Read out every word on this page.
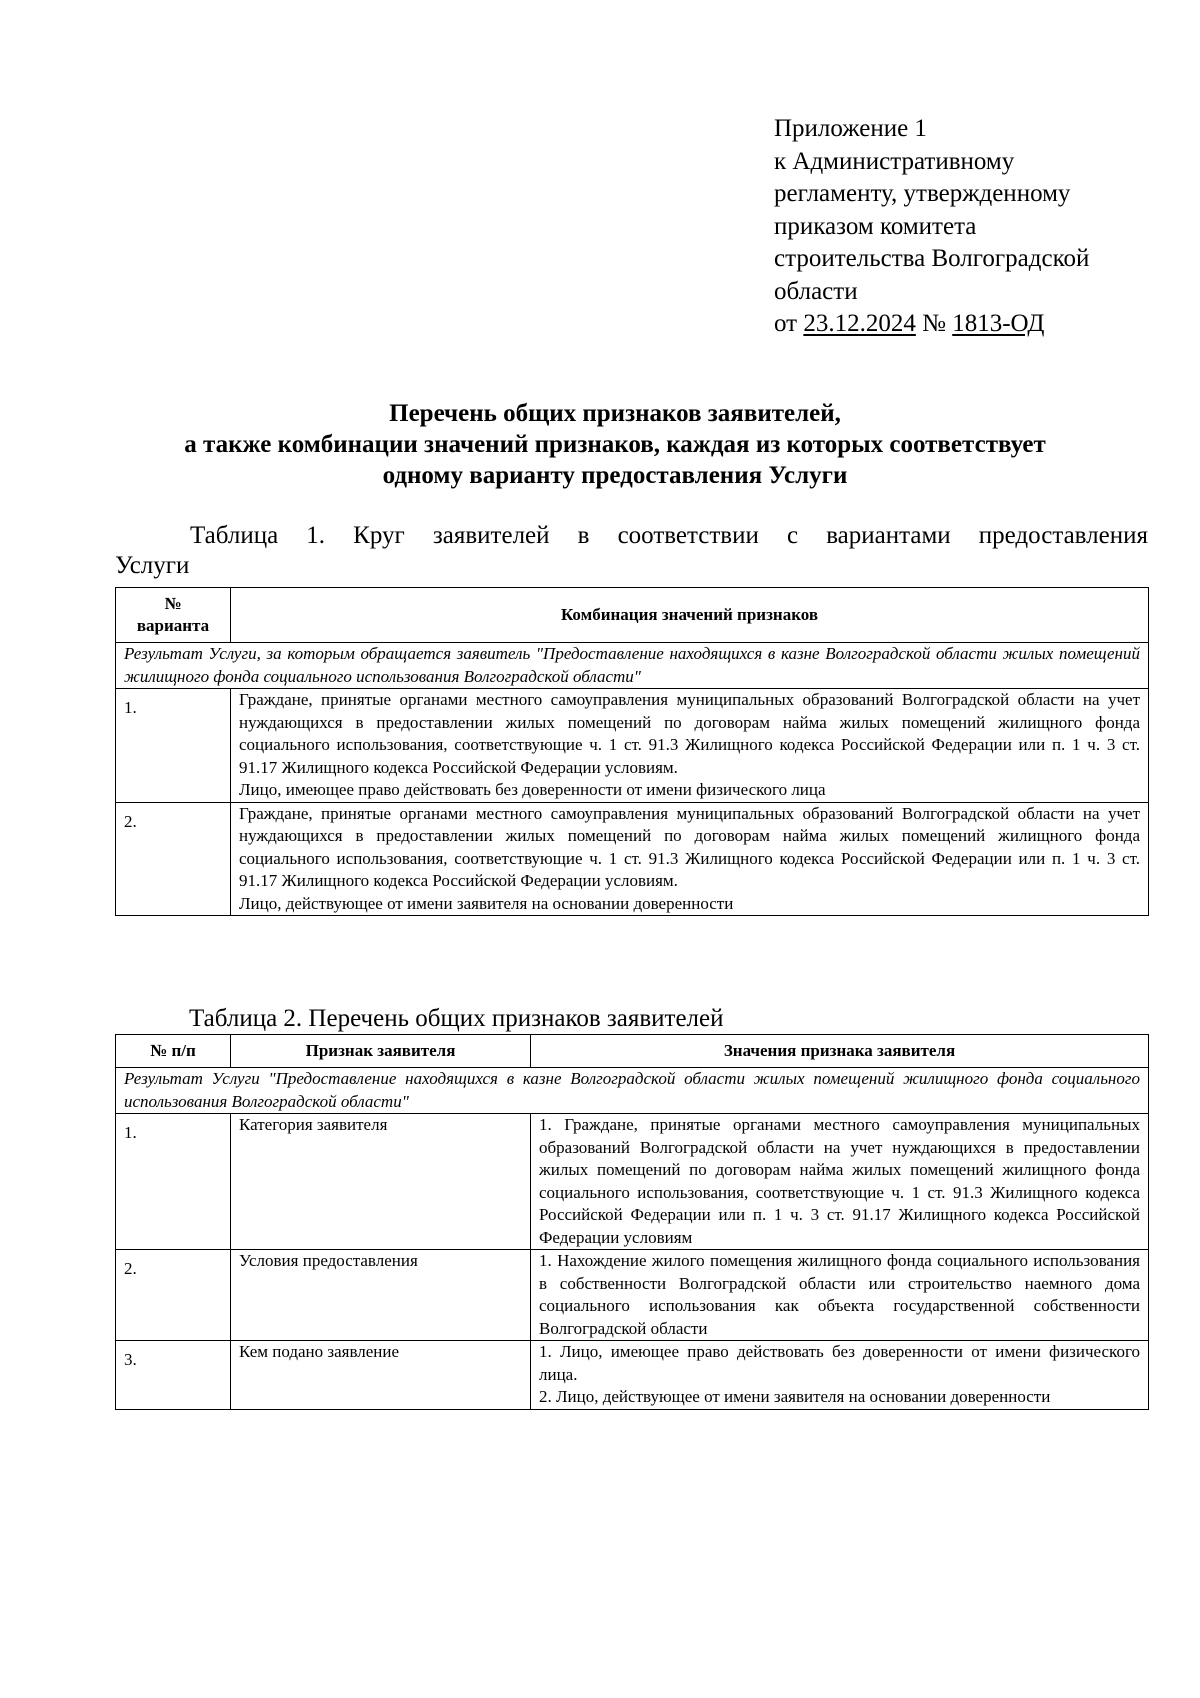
Приложение 1
к Административному
регламенту, утвержденному
приказом комитета
строительства Волгоградской
области
от 23.12.2024 № 1813-ОД
Перечень общих признаков заявителей,
а также комбинации значений признаков, каждая из которых соответствует
одному варианту предоставления Услуги
Таблица 1. Круг заявителей в соответствии с вариантами предоставления
Услуги
№
варианта	Комбинация значений признаков
Результат Услуги, за которым обращается заявитель "Предоставление находящихся в казне Волгоградской области жилых помещений жилищного фонда социального использования Волгоградской области"	
1.	Граждане, принятые органами местного самоуправления муниципальных образований Волгоградской области на учет нуждающихся в предоставлении жилых помещений по договорам найма жилых помещений жилищного фонда социального использования, соответствующие ч. 1 ст. 91.3 Жилищного кодекса Российской Федерации или п. 1 ч. 3 ст. 91.17 Жилищного кодекса Российской Федерации условиям.
Лицо, имеющее право действовать без доверенности от имени физического лица

2.	Граждане, принятые органами местного самоуправления муниципальных образований Волгоградской области на учет нуждающихся в предоставлении жилых помещений по договорам найма жилых помещений жилищного фонда социального использования, соответствующие ч. 1 ст. 91.3 Жилищного кодекса Российской Федерации или п. 1 ч. 3 ст. 91.17 Жилищного кодекса Российской Федерации условиям.
Лицо, действующее от имени заявителя на основании доверенности
Таблица 2. Перечень общих признаков заявителей
№ п/п	Признак заявителя	Значения признака заявителя
Результат Услуги "Предоставление находящихся в казне Волгоградской области жилых помещений жилищного фонда социального использования Волгоградской области"		
1.	Категория заявителя	1. Граждане, принятые органами местного самоуправления муниципальных образований Волгоградской области на учет нуждающихся в предоставлении жилых помещений по договорам найма жилых помещений жилищного фонда социального использования, соответствующие ч. 1 ст. 91.3 Жилищного кодекса Российской Федерации или п. 1 ч. 3 ст. 91.17 Жилищного кодекса Российской Федерации условиям

2.	Условия предоставления	1. Нахождение жилого помещения жилищного фонда социального использования в собственности Волгоградской области или строительство наемного дома социального использования как объекта государственной собственности Волгоградской области

3.	Кем подано заявление	1. Лицо, имеющее право действовать без доверенности от имени физического лица.
2. Лицо, действующее от имени заявителя на основании доверенности
